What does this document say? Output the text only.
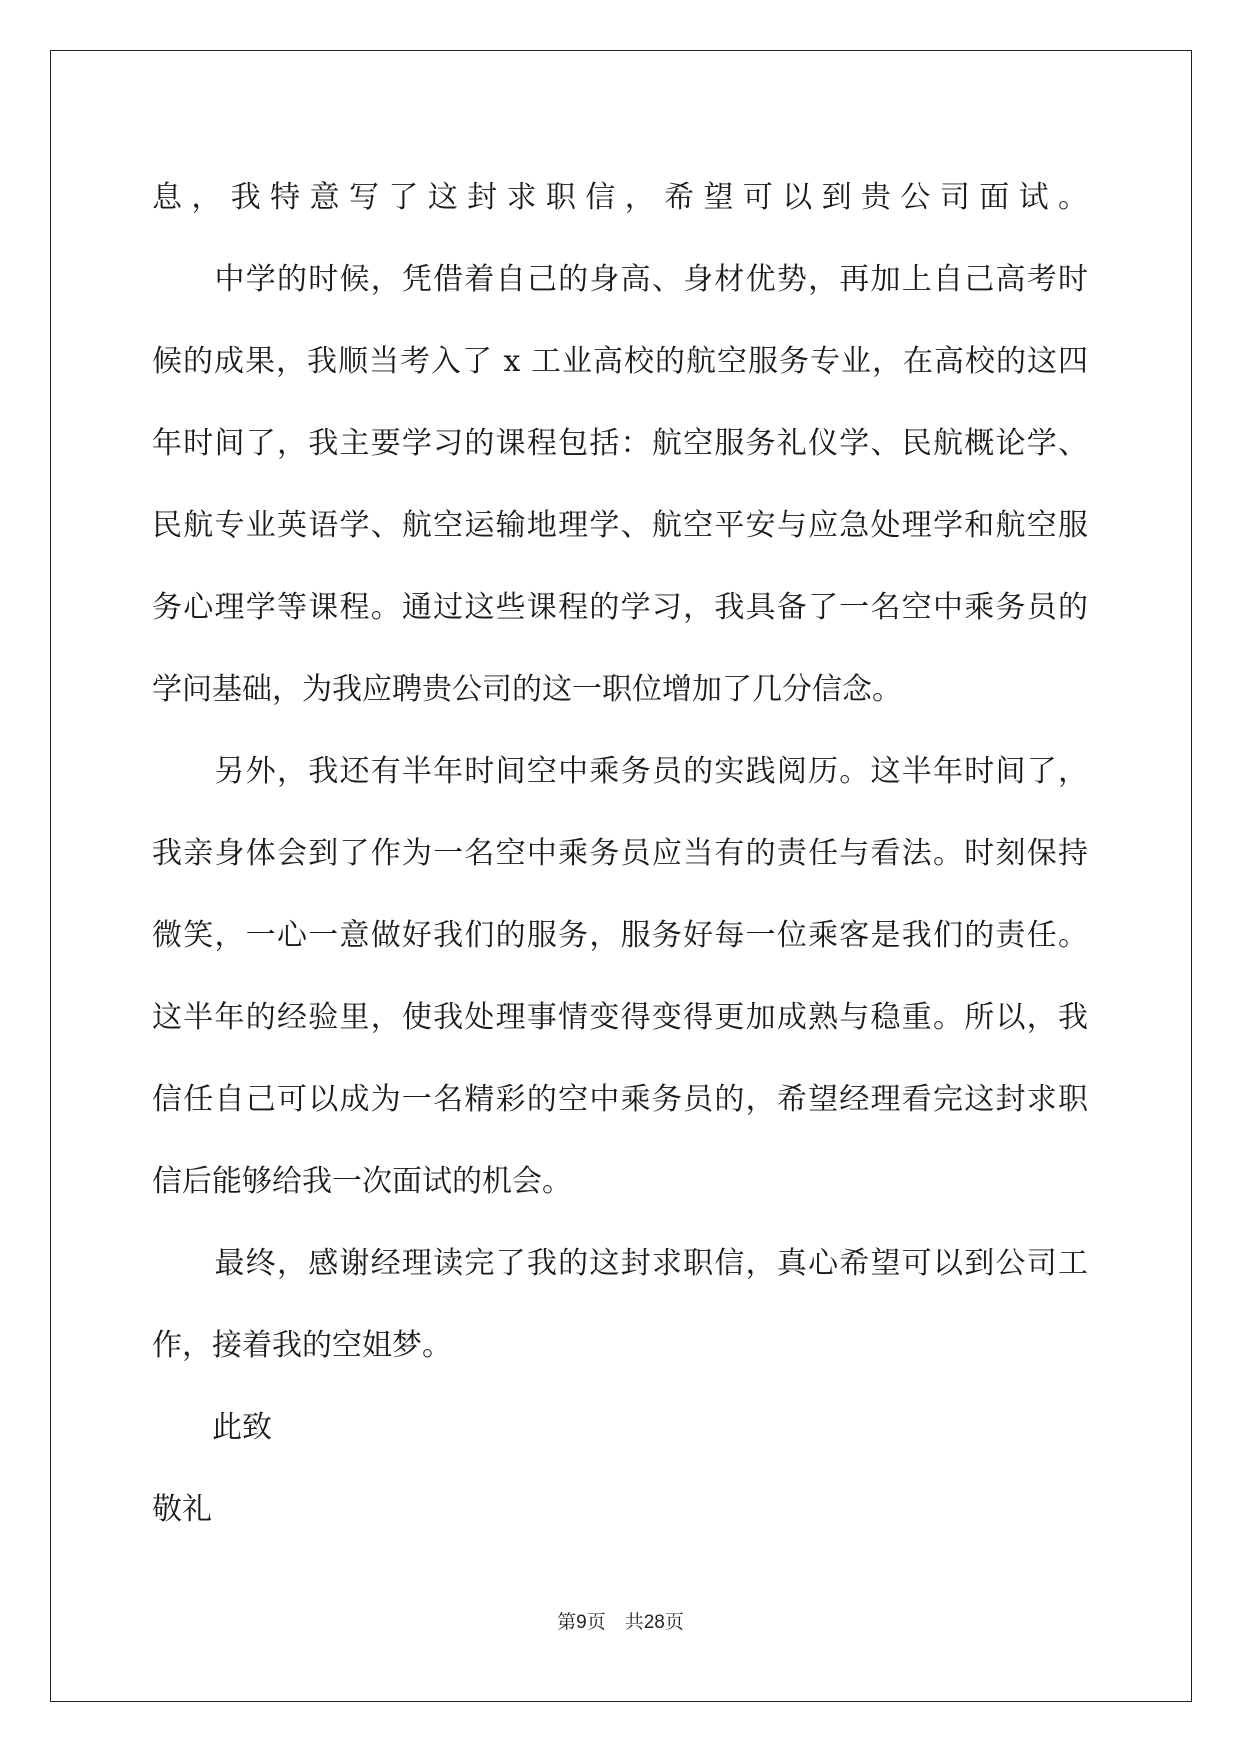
息，我特意写了这封求职信，希望可以到贵公司面试。

　　中学的时候，凭借着自己的身高、身材优势，再加上自己高考时

候的成果，我顺当考入了 x 工业高校的航空服务专业，在高校的这四

年时间了，我主要学习的课程包括：航空服务礼仪学、民航概论学、

民航专业英语学、航空运输地理学、航空平安与应急处理学和航空服

务心理学等课程。通过这些课程的学习，我具备了一名空中乘务员的

学问基础，为我应聘贵公司的这一职位增加了几分信念。

　　另外，我还有半年时间空中乘务员的实践阅历。这半年时间了，

我亲身体会到了作为一名空中乘务员应当有的责任与看法。时刻保持

微笑，一心一意做好我们的服务，服务好每一位乘客是我们的责任。

这半年的经验里，使我处理事情变得变得更加成熟与稳重。所以，我

信任自己可以成为一名精彩的空中乘务员的，希望经理看完这封求职

信后能够给我一次面试的机会。

　　最终，感谢经理读完了我的这封求职信，真心希望可以到公司工

作，接着我的空姐梦。

　　此致

敬礼

第9页　共28页
